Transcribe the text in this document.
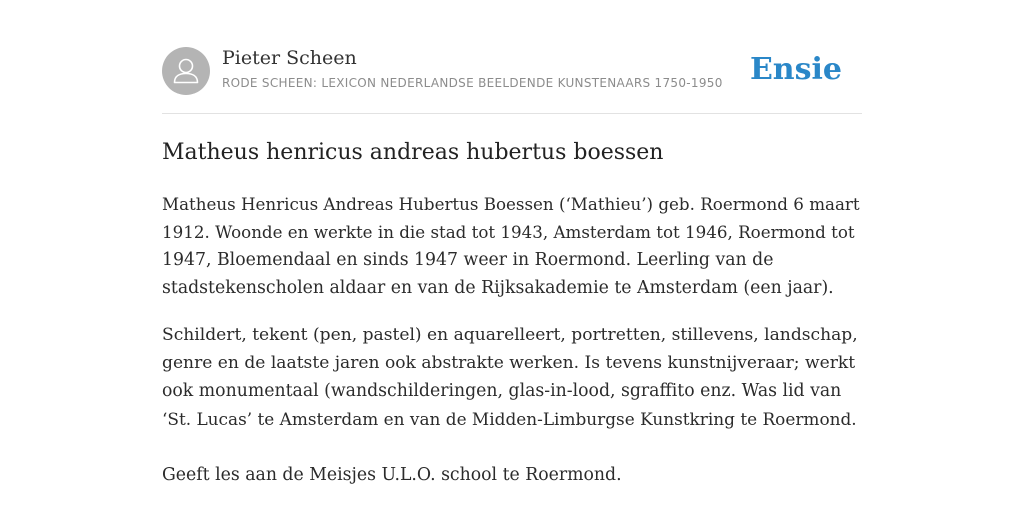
Pieter Scheen
RODE SCHEEN: LEXICON NEDERLANDSE BEELDENDE KUNSTENAARS 1750-1950 Ensie
Matheus henricus andreas hubertus boessen

Matheus Henricus Andreas Hubertus Boessen (‘Mathieu’) geb. Roermond 6 maart
1912. Woonde en werkte in die stad tot 1943, Amsterdam tot 1946, Roermond tot
1947, Bloemendaal en sinds 1947 weer in Roermond. Leerling van de
stadstekenscholen aldaar en van de Rijksakademie te Amsterdam (een jaar).

Schildert, tekent (pen, pastel) en aquarelleert, portretten, stillevens, landschap,
genre en de laatste jaren ook abstrakte werken. Is tevens kunstnijveraar; werkt
ook monumentaal (wandschilderingen, glas-in-lood, sgraffito enz. Was lid van
‘St. Lucas’ te Amsterdam en van de Midden-Limburgse Kunstkring te Roermond.

Geeft les aan de Meisjes U.L.O. school te Roermond.
